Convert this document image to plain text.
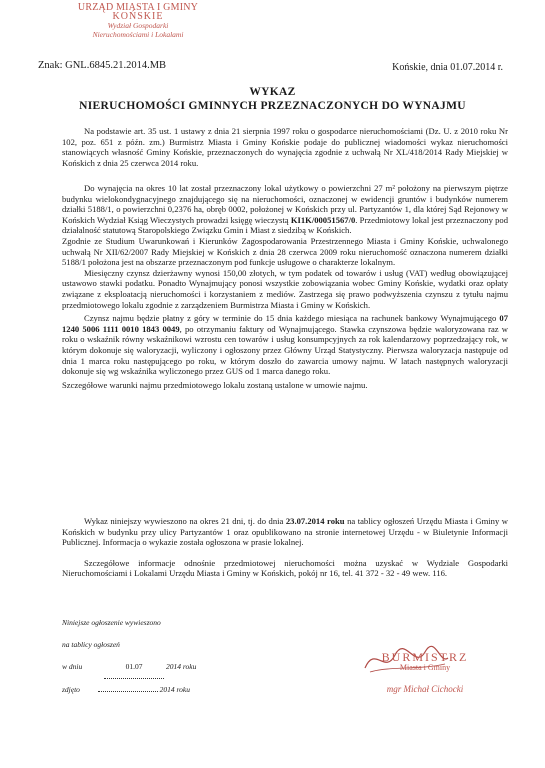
URZĄD MIASTA I GMINY
KOŃSKIE
Wydział Gospodarki
Nieruchomościami i Lokalami
Znak: GNL.6845.21.2014.MB	Końskie, dnia 01.07.2014 r.
WYKAZ
NIERUCHOMOŚCI GMINNYCH PRZEZNACZONYCH DO WYNAJMU

Na podstawie art. 35 ust. 1 ustawy z dnia 21 sierpnia 1997 roku o gospodarce nieruchomościami (Dz. U. z 2010 roku Nr 102, poz. 651 z późn. zm.) Burmistrz Miasta i Gminy Końskie podaje do publicznej wiadomości wykaz nieruchomości stanowiących własność Gminy Końskie, przeznaczonych do wynajęcia zgodnie z uchwałą Nr XL/418/2014 Rady Miejskiej w Końskich z dnia 25 czerwca 2014 roku.

Do wynajęcia na okres 10 lat został przeznaczony lokal użytkowy o powierzchni 27 m² położony na pierwszym piętrze budynku wielokondygnacyjnego znajdującego się na nieruchomości, oznaczonej w ewidencji gruntów i budynków numerem działki 5188/1, o powierzchni 0,2376 ha, obręb 0002, położonej w Końskich przy ul. Partyzantów 1, dla której Sąd Rejonowy w Końskich Wydział Ksiąg Wieczystych prowadzi księgę wieczystą KI1K/00051567/0. Przedmiotowy lokal jest przeznaczony pod działalność statutową Staropolskiego Związku Gmin i Miast z siedzibą w Końskich.

Zgodnie ze Studium Uwarunkowań i Kierunków Zagospodarowania Przestrzennego Miasta i Gminy Końskie, uchwalonego uchwałą Nr XII/62/2007 Rady Miejskiej w Końskich z dnia 28 czerwca 2009 roku nieruchomość oznaczona numerem działki 5188/1 położona jest na obszarze przeznaczonym pod funkcje usługowe o charakterze lokalnym.

Miesięczny czynsz dzierżawny wynosi 150,00 złotych, w tym podatek od towarów i usług (VAT) według obowiązującej ustawowo stawki podatku. Ponadto Wynajmujący ponosi wszystkie zobowiązania wobec Gminy Końskie, wydatki oraz opłaty związane z eksploatacją nieruchomości i korzystaniem z mediów. Zastrzega się prawo podwyższenia czynszu z tytułu najmu przedmiotowego lokalu zgodnie z zarządzeniem Burmistrza Miasta i Gminy w Końskich.

Czynsz najmu będzie płatny z góry w terminie do 15 dnia każdego miesiąca na rachunek bankowy Wynajmującego 07 1240 5006 1111 0010 1843 0049, po otrzymaniu faktury od Wynajmującego. Stawka czynszowa będzie waloryzowana raz w roku o wskaźnik równy wskaźnikowi wzrostu cen towarów i usług konsumpcyjnych za rok kalendarzowy poprzedzający rok, w którym dokonuje się waloryzacji, wyliczony i ogłoszony przez Główny Urząd Statystyczny. Pierwsza waloryzacja następuje od dnia 1 marca roku następującego po roku, w którym doszło do zawarcia umowy najmu. W latach następnych waloryzacji dokonuje się wg wskaźnika wyliczonego przez GUS od 1 marca danego roku.

Szczegółowe warunki najmu przedmiotowego lokalu zostaną ustalone w umowie najmu.

Wykaz niniejszy wywieszono na okres 21 dni, tj. do dnia 23.07.2014 roku na tablicy ogłoszeń Urzędu Miasta i Gminy w Końskich w budynku przy ulicy Partyzantów 1 oraz opublikowano na stronie internetowej Urzędu - w Biuletynie Informacji Publicznej. Informacja o wykazie została ogłoszona w prasie lokalnej.

Szczegółowe informacje odnośnie przedmiotowej nieruchomości można uzyskać w Wydziale Gospodarki Nieruchomościami i Lokalami Urzędu Miasta i Gminy w Końskich, pokój nr 16, tel. 41 372 - 32 - 49 wew. 116.

Niniejsze ogłoszenie wywieszono
na tablicy ogłoszeń
w dniu	01.07	2014 roku
zdjęto	2014 roku
BURMISTRZ
Miasta i Gminy
mgr Michał Cichocki
